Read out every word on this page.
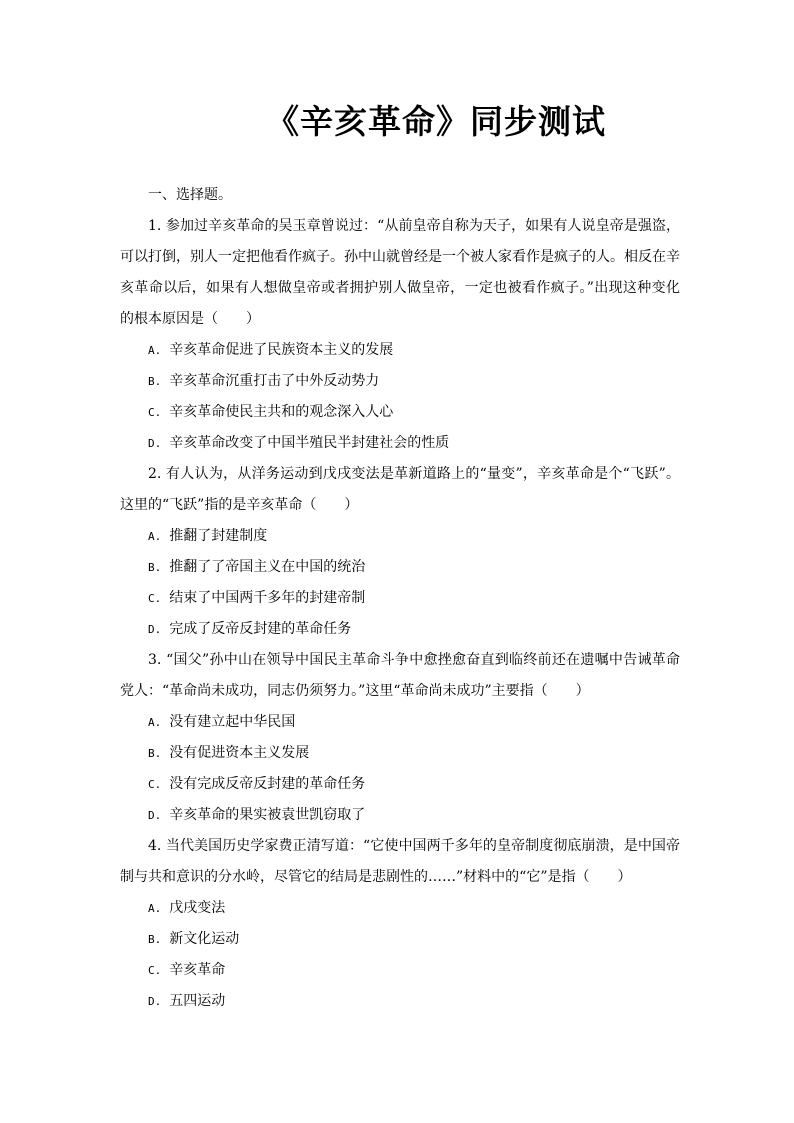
《辛亥革命》同步测试
一、选择题。
1. 参加过辛亥革命的吴玉章曾说过：“从前皇帝自称为天子，如果有人说皇帝是强盗，可以打倒，别人一定把他看作疯子。孙中山就曾经是一个被人家看作是疯子的人。相反在辛亥革命以后，如果有人想做皇帝或者拥护别人做皇帝，一定也被看作疯子。”出现这种变化的根本原因是（　　）
A. 辛亥革命促进了民族资本主义的发展
B. 辛亥革命沉重打击了中外反动势力
C. 辛亥革命使民主共和的观念深入人心
D. 辛亥革命改变了中国半殖民半封建社会的性质
2. 有人认为，从洋务运动到戊戌变法是革新道路上的“量变”，辛亥革命是个“飞跃”。这里的“飞跃”指的是辛亥革命（　　）
A. 推翻了封建制度
B. 推翻了了帝国主义在中国的统治
C. 结束了中国两千多年的封建帝制
D. 完成了反帝反封建的革命任务
3. “国父”孙中山在领导中国民主革命斗争中愈挫愈奋直到临终前还在遗嘱中告诫革命党人：“革命尚未成功，同志仍须努力。”这里“革命尚未成功”主要指（　　）
A. 没有建立起中华民国
B. 没有促进资本主义发展
C. 没有完成反帝反封建的革命任务
D. 辛亥革命的果实被袁世凯窃取了
4. 当代美国历史学家费正清写道：“它使中国两千多年的皇帝制度彻底崩溃，是中国帝制与共和意识的分水岭，尽管它的结局是悲剧性的……”材料中的“它”是指（　　）
A. 戊戌变法
B. 新文化运动
C. 辛亥革命
D. 五四运动
